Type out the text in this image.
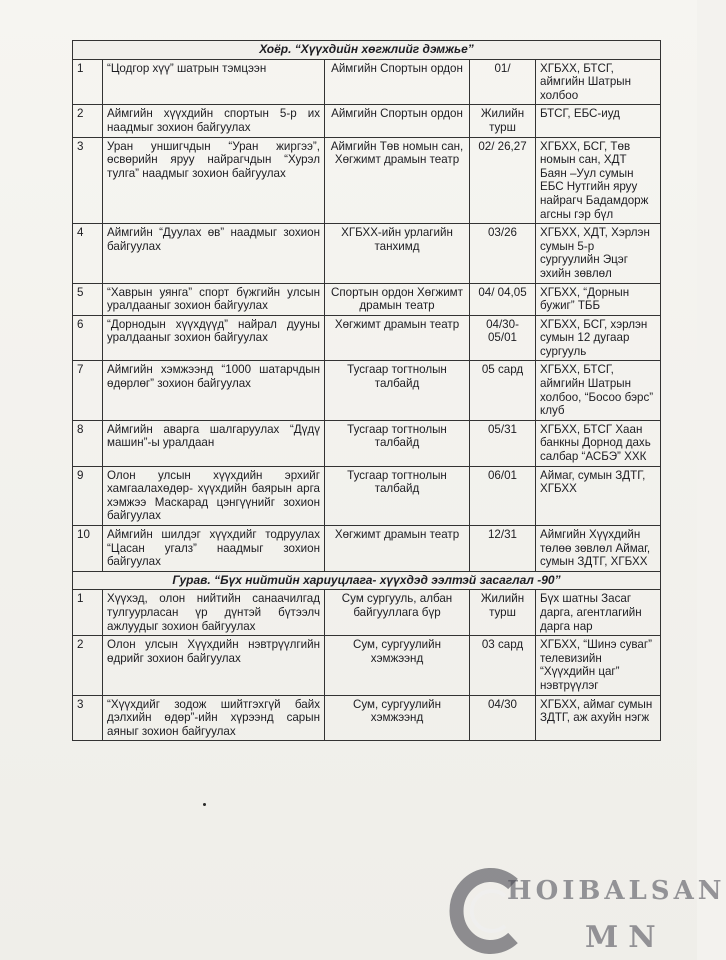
Хоёр. “Хүүхдийн хөгжлийг дэмжье”				
1	“Цодгор хүү” шатрын тэмцээн	Аймгийн Спортын ордон	01/	ХГБХХ, БТСГ, аймгийн Шатрын холбоо
2	Аймгийн хүүхдийн спортын 5-р их наадмыг зохион байгуулах	Аймгийн Спортын ордон	Жилийн турш	БТСГ, ЕБС-иуд
3	Уран уншигчдын “Уран жиргээ”, өсвөрийн яруу найрагчдын “Хурэл тулга” наадмыг зохион байгуулах	Аймгийн Төв номын сан, Хөгжимт драмын театр	02/ 26,27	ХГБХХ, БСГ, Төв номын сан, ХДТ Баян –Уул сумын ЕБС Нутгийн яруу найрагч Бадамдорж агсны гэр бүл
4	Аймгийн “Дуулах өв” наадмыг зохион байгуулах	ХГБХХ-ийн урлагийн танхимд	03/26	ХГБХХ, ХДТ, Хэрлэн сумын 5-р сургуулийн Эцэг эхийн зөвлөл
5	“Хаврын уянга” спорт бүжгийн улсын уралдааныг зохион байгуулах	Спортын ордон Хөгжимт драмын театр	04/ 04,05	ХГБХХ, “Дорнын бужиг” ТББ
6	“Дорнодын хүүхдүүд” найрал дууны уралдааныг зохион байгуулах	Хөгжимт драмын театр	04/30-05/01	ХГБХХ, БСГ, хэрлэн сумын 12 дугаар сургууль
7	Аймгийн хэмжээнд “1000 шатарчдын өдөрлөг” зохион байгуулах	Тусгаар тогтнолын талбайд	05 сард	ХГБХХ, БТСГ, аймгийн Шатрын холбоо, “Босоо бэрс” клуб
8	Аймгийн аварга шалгаруулах “Дүдү машин”-ы уралдаан	Тусгаар тогтнолын талбайд	05/31	ХГБХХ, БТСГ Хаан банкны Дорнод дахь салбар “АСБЭ” ХХК
9	Олон улсын хүүхдийн эрхийг хамгаалахөдөр- хүүхдийн баярын арга хэмжээ Маскарад цэнгүүнийг зохион байгуулах	Тусгаар тогтнолын талбайд	06/01	Аймаг, сумын ЗДТГ, ХГБХХ
10	Аймгийн шилдэг хүүхдийг тодруулах “Цасан угалз” наадмыг зохион байгуулах	Хөгжимт драмын театр	12/31	Аймгийн Хүүхдийн төлөө зөвлөл Аймаг, сумын ЗДТГ, ХГБХХ
Гурав. “Бүх нийтийн хариуцлага- хүүхдэд ээлтэй засаглал -90”				
1	Хүүхэд, олон нийтийн санаачилгад тулгуурласан үр дүнтэй бүтээлч ажлуудыг зохион байгуулах	Сум сургууль, албан байгууллага бүр	Жилийн турш	Бүх шатны Засаг дарга, агентлагийн дарга нар
2	Олон улсын Хүүхдийн нэвтрүүлгийн өдрийг зохион байгуулах	Сум, сургуулийн хэмжээнд	03 сард	ХГБХХ, “Шинэ суваг” телевизийн “Хүүхдийн цаг” нэвтрүүлэг
3	“Хүүхдийг зодож шийтгэхгүй байх дэлхийн өдөр”-ийн хүрээнд сарын аяныг зохион байгуулах	Сум, сургуулийн хэмжээнд	04/30	ХГБХХ, аймаг сумын ЗДТГ, аж ахуйн нэгж
HOIBALSAN
MN
